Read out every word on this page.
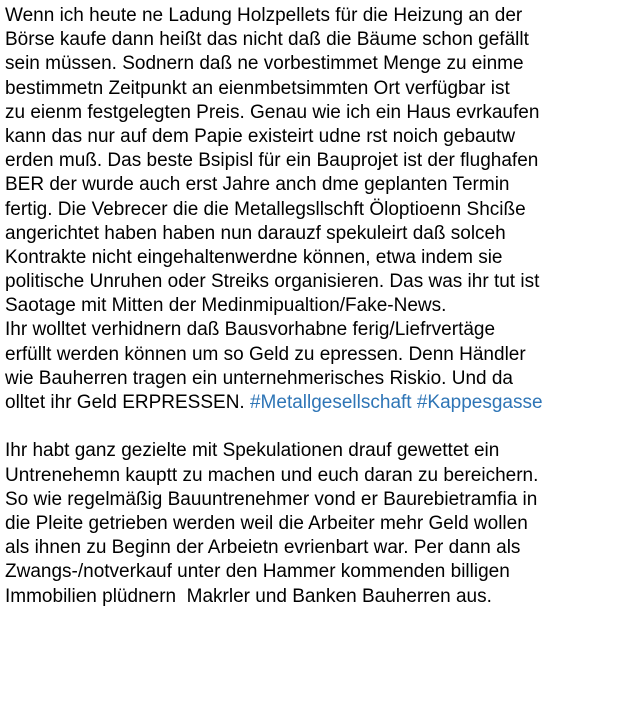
Wenn ich heute ne Ladung Holzpellets für die Heizung an der
Börse kaufe dann heißt das nicht daß die Bäume schon gefällt
sein müssen. Sodnern daß ne vorbestimmet Menge zu einme
bestimmetn Zeitpunkt an eienmbetsimmten Ort verfügbar ist
zu eienm festgelegten Preis. Genau wie ich ein Haus evrkaufen
kann das nur auf dem Papie existeirt udne rst noich gebautw
erden muß. Das beste Bsipisl für ein Bauprojet ist der flughafen
BER der wurde auch erst Jahre anch dme geplanten Termin
fertig. Die Vebrecer die die Metallegsllschft Öloptioenn Shciße
angerichtet haben haben nun darauzf spekuleirt daß solceh
Kontrakte nicht eingehaltenwerdne können, etwa indem sie
politische Unruhen oder Streiks organisieren. Das was ihr tut ist
Saotage mit Mitten der Medinmipualtion/Fake-News.
Ihr wolltet verhidnern daß Bausvorhabne ferig/Liefrvertäge
erfüllt werden können um so Geld zu epressen. Denn Händler
wie Bauherren tragen ein unternehmerisches Riskio. Und da
olltet ihr Geld ERPRESSEN. #Metallgesellschaft #Kappesgasse
Ihr habt ganz gezielte mit Spekulationen drauf gewettet ein
Untrenehemn kauptt zu machen und euch daran zu bereichern.
So wie regelmäßig Bauuntrenehmer vond er Baurebietramfia in
die Pleite getrieben werden weil die Arbeiter mehr Geld wollen
als ihnen zu Beginn der Arbeietn evrienbart war. Per dann als
Zwangs-/notverkauf unter den Hammer kommenden billigen
Immobilien plüdnern  Makrler und Banken Bauherren aus.
